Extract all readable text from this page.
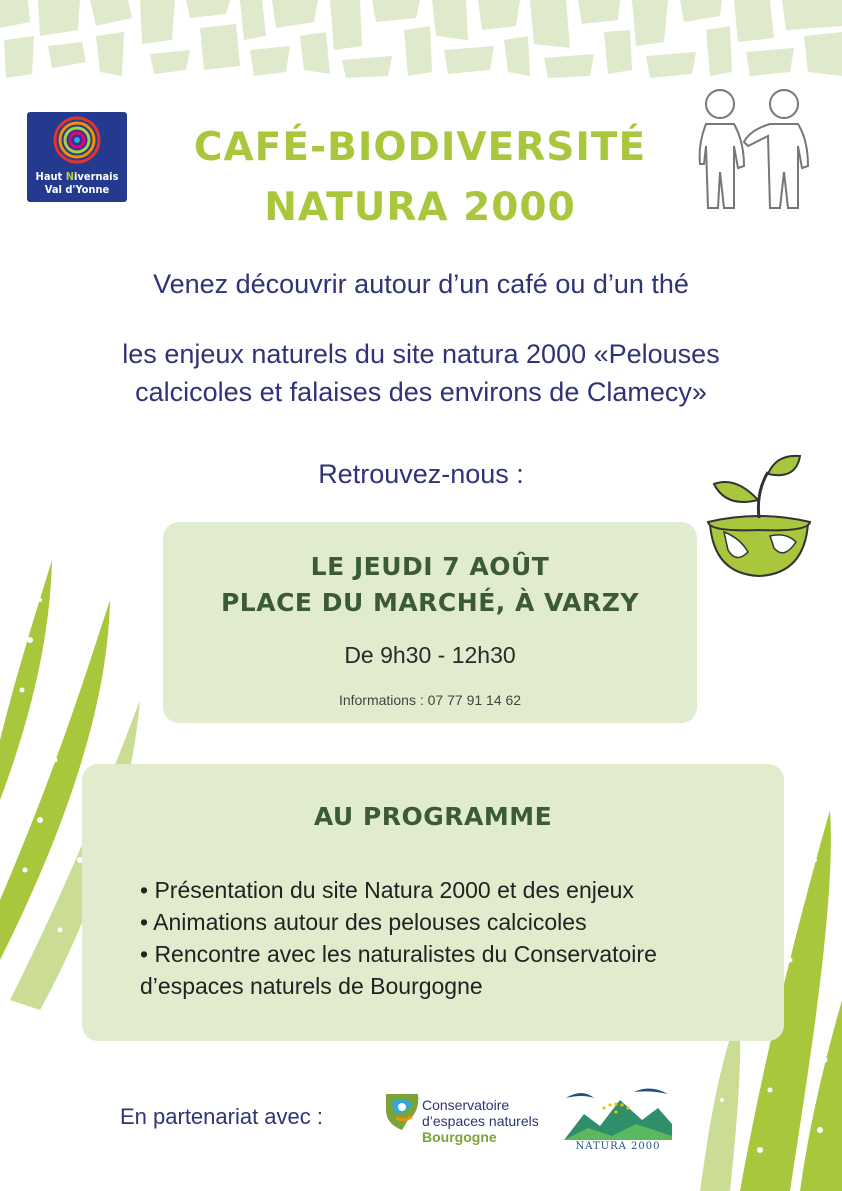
Haut Nivernais
Val d'Yonne
CAFÉ-BIODIVERSITÉ
NATURA 2000
Venez découvrir autour d’un café ou d’un thé
les enjeux naturels du site natura 2000 «Pelouses
calcicoles et falaises des environs de Clamecy»
Retrouvez-nous :
LE JEUDI 7 AOÛT
PLACE DU MARCHÉ, À VARZY
De 9h30 - 12h30
Informations : 07 77 91 14 62
AU PROGRAMME
• Présentation du site Natura 2000 et des enjeux
• Animations autour des pelouses calcicoles
• Rencontre avec les naturalistes du Conservatoire
d’espaces naturels de Bourgogne
En partenariat avec :	Conservatoire
d’espaces naturels
Bourgogne
NATURA 2000
